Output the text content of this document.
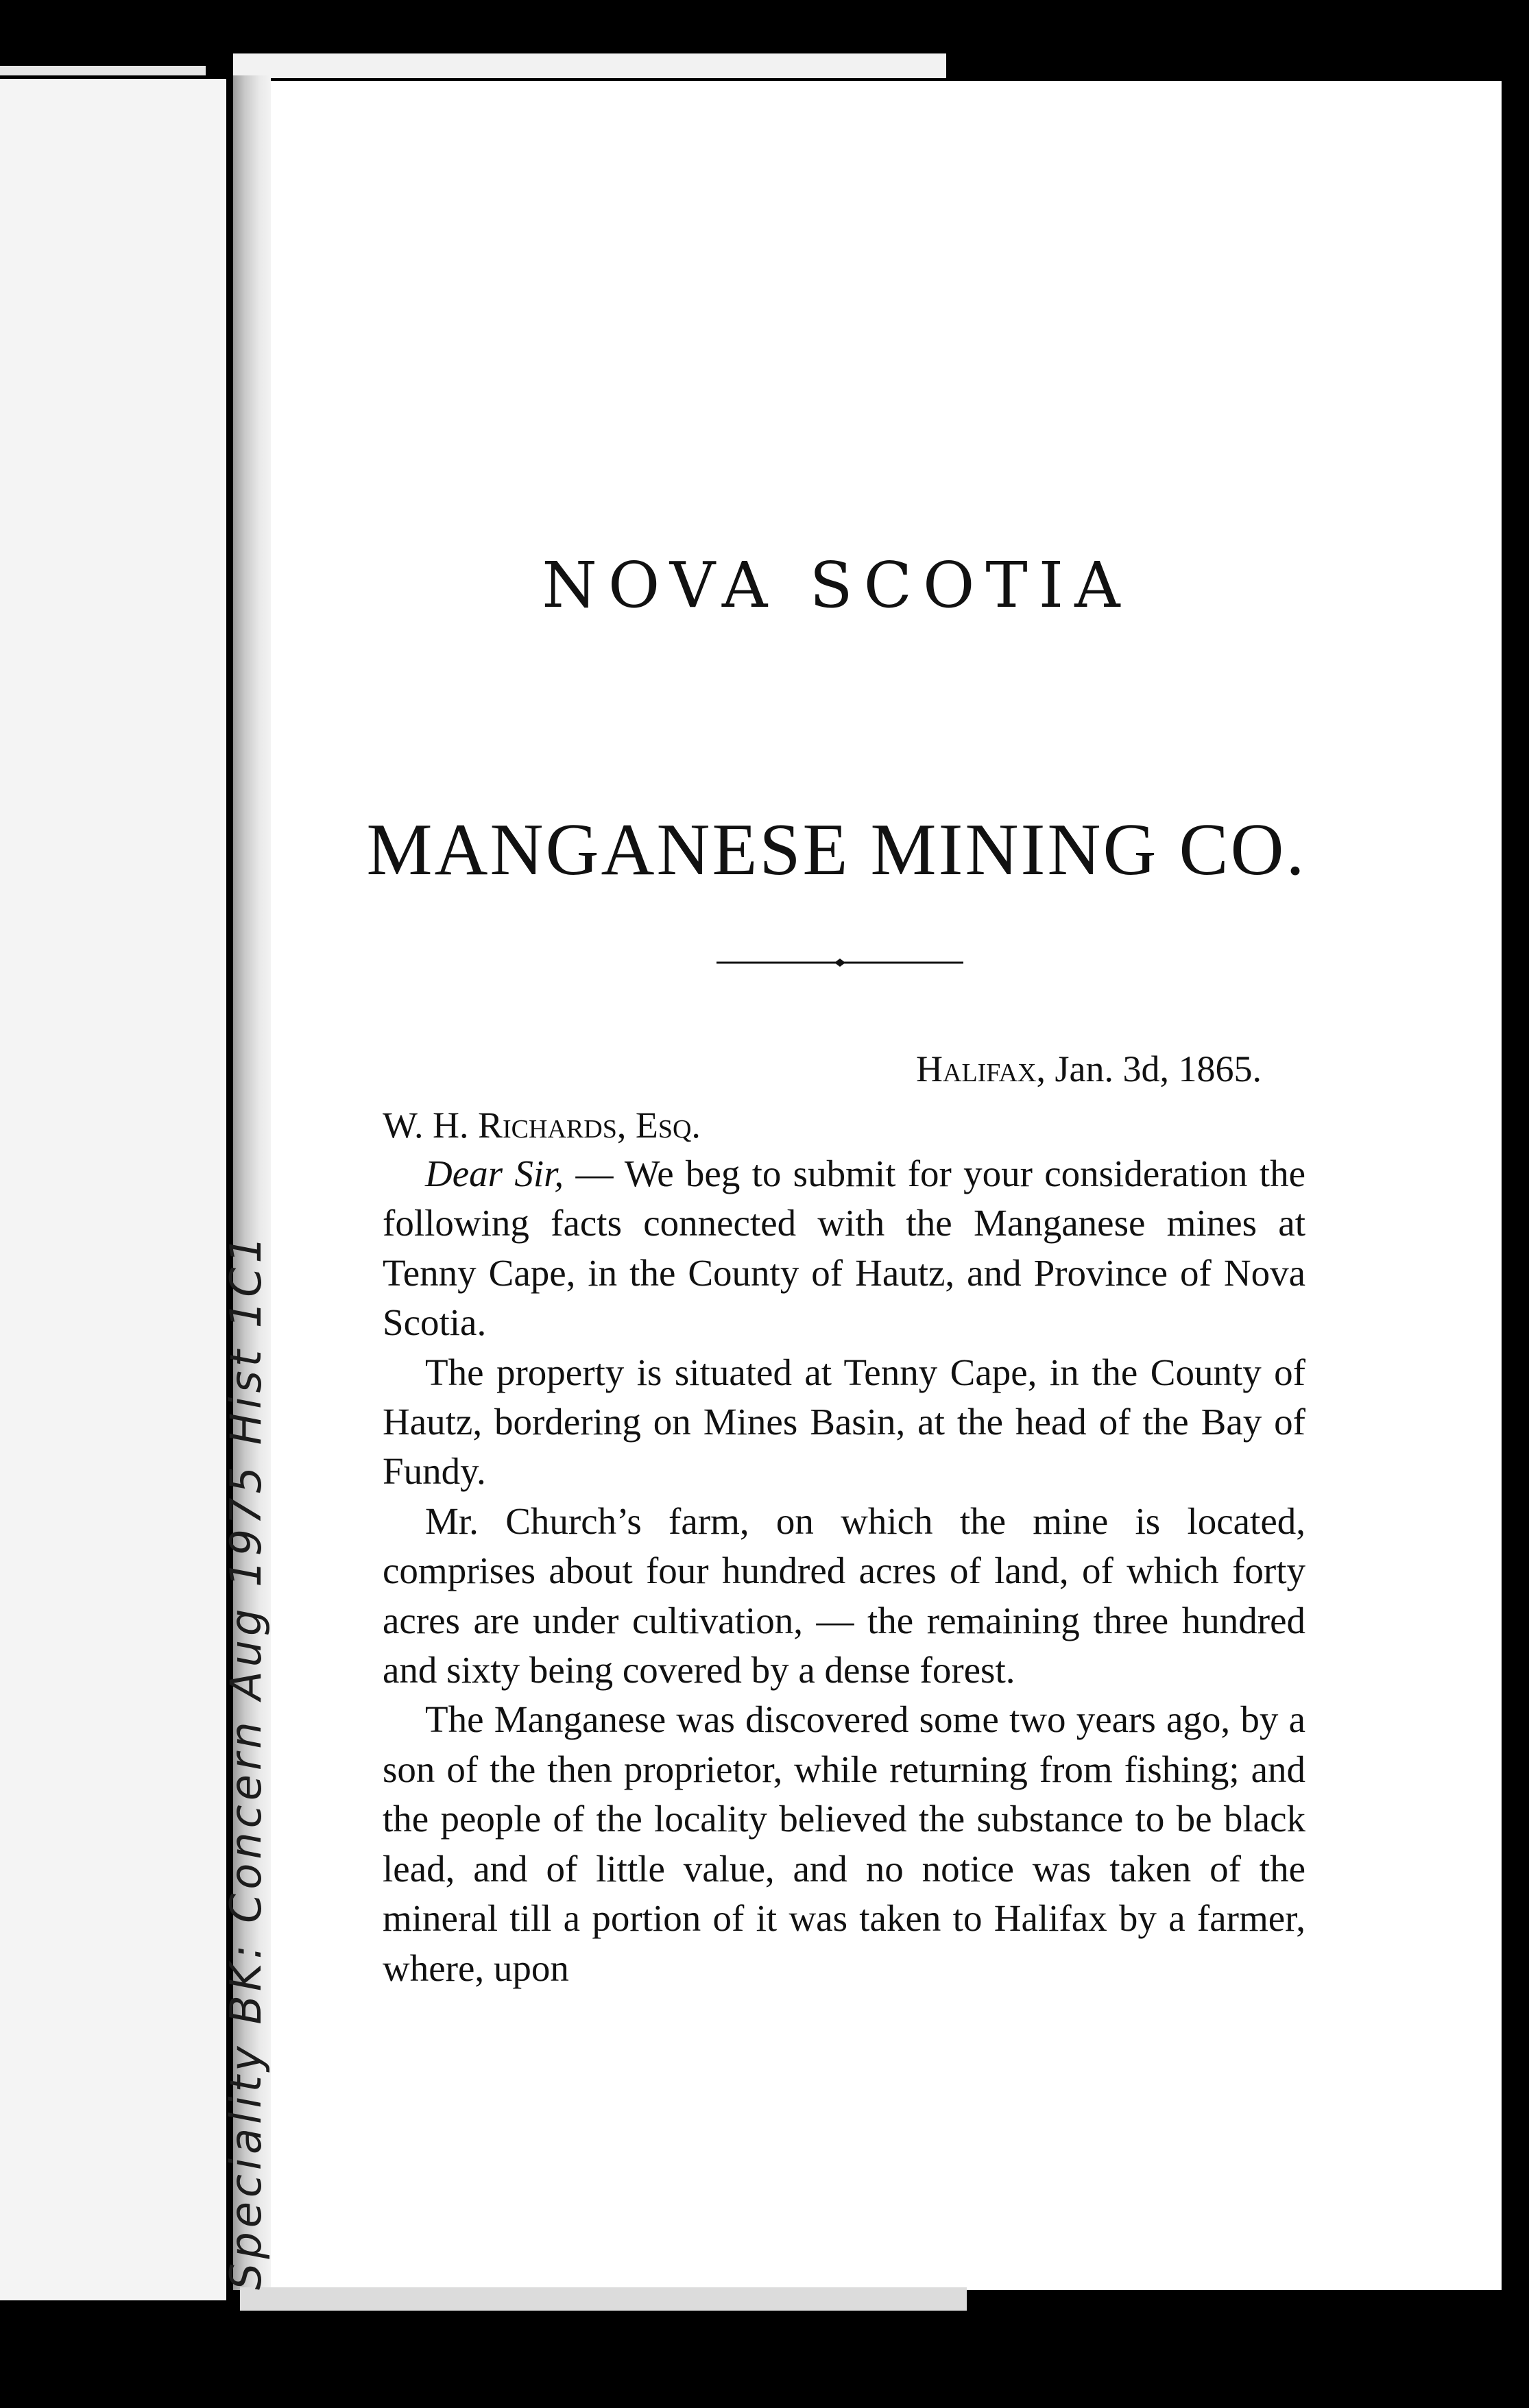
Speciality BK: Concern Aug 1975 Hist 1C1
NOVA SCOTIA
MANGANESE MINING CO.

Halifax, Jan. 3d, 1865.

W. H. Richards, Esq.

Dear Sir, — We beg to submit for your consideration the following facts connected with the Manganese mines at Tenny Cape, in the County of Hautz, and Province of Nova Scotia.

The property is situated at Tenny Cape, in the County of Hautz, bordering on Mines Basin, at the head of the Bay of Fundy.

Mr. Church’s farm, on which the mine is located, comprises about four hundred acres of land, of which forty acres are under cultivation, — the remaining three hundred and sixty being covered by a dense forest.

The Manganese was discovered some two years ago, by a son of the then proprietor, while returning from fishing; and the people of the locality believed the substance to be black lead, and of little value, and no notice was taken of the mineral till a portion of it was taken to Halifax by a farmer, where, upon
